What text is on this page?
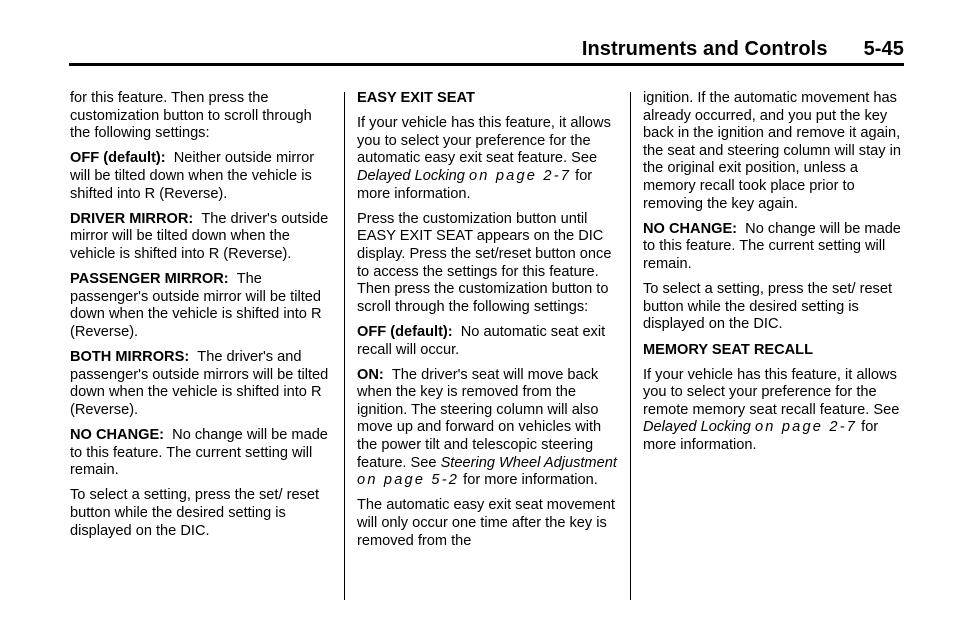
Instruments and Controls 5-45

for this feature. Then press the customization button to scroll through the following settings:

OFF (default): Neither outside mirror will be tilted down when the vehicle is shifted into R (Reverse).

DRIVER MIRROR: The driver's outside mirror will be tilted down when the vehicle is shifted into R (Reverse).

PASSENGER MIRROR: The passenger's outside mirror will be tilted down when the vehicle is shifted into R (Reverse).

BOTH MIRRORS: The driver's and passenger's outside mirrors will be tilted down when the vehicle is shifted into R (Reverse).

NO CHANGE: No change will be made to this feature. The current setting will remain.

To select a setting, press the set/ reset button while the desired setting is displayed on the DIC.

EASY EXIT SEAT

If your vehicle has this feature, it allows you to select your preference for the automatic easy exit seat feature. See Delayed Locking on page 2-7 for more information.

Press the customization button until EASY EXIT SEAT appears on the DIC display. Press the set/reset button once to access the settings for this feature. Then press the customization button to scroll through the following settings:

OFF (default): No automatic seat exit recall will occur.

ON: The driver's seat will move back when the key is removed from the ignition. The steering column will also move up and forward on vehicles with the power tilt and telescopic steering feature. See Steering Wheel Adjustment on page 5-2 for more information.

The automatic easy exit seat movement will only occur one time after the key is removed from the

ignition. If the automatic movement has already occurred, and you put the key back in the ignition and remove it again, the seat and steering column will stay in the original exit position, unless a memory recall took place prior to removing the key again.

NO CHANGE: No change will be made to this feature. The current setting will remain.

To select a setting, press the set/ reset button while the desired setting is displayed on the DIC.

MEMORY SEAT RECALL

If your vehicle has this feature, it allows you to select your preference for the remote memory seat recall feature. See Delayed Locking on page 2-7 for more information.
